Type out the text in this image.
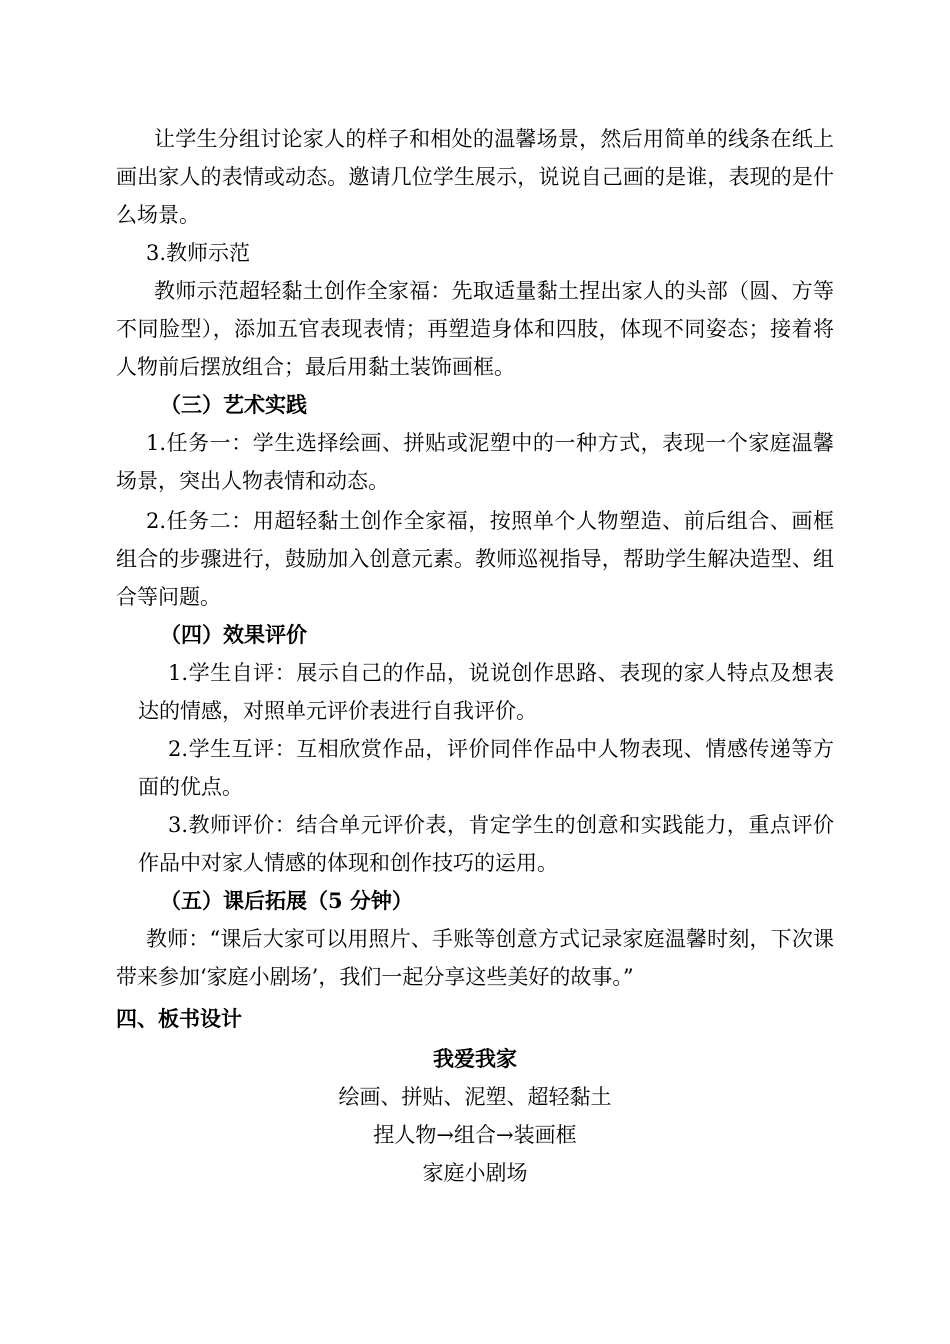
让学生分组讨论家人的样子和相处的温馨场景，然后用简单的线条在纸上画出家人的表情或动态。邀请几位学生展示，说说自己画的是谁，表现的是什么场景。

3.教师示范

教师示范超轻黏土创作全家福：先取适量黏土捏出家人的头部（圆、方等不同脸型），添加五官表现表情；再塑造身体和四肢，体现不同姿态；接着将人物前后摆放组合；最后用黏土装饰画框。

（三）艺术实践

1.任务一：学生选择绘画、拼贴或泥塑中的一种方式，表现一个家庭温馨场景，突出人物表情和动态。

2.任务二：用超轻黏土创作全家福，按照单个人物塑造、前后组合、画框组合的步骤进行，鼓励加入创意元素。教师巡视指导，帮助学生解决造型、组合等问题。

（四）效果评价

1.学生自评：展示自己的作品，说说创作思路、表现的家人特点及想表达的情感，对照单元评价表进行自我评价。

2.学生互评：互相欣赏作品，评价同伴作品中人物表现、情感传递等方面的优点。

3.教师评价：结合单元评价表，肯定学生的创意和实践能力，重点评价作品中对家人情感的体现和创作技巧的运用。

（五）课后拓展（5 分钟）

教师：“课后大家可以用照片、手账等创意方式记录家庭温馨时刻，下次课带来参加‘家庭小剧场’，我们一起分享这些美好的故事。”

四、板书设计

我爱我家

绘画、拼贴、泥塑、超轻黏土

捏人物→组合→装画框

家庭小剧场
